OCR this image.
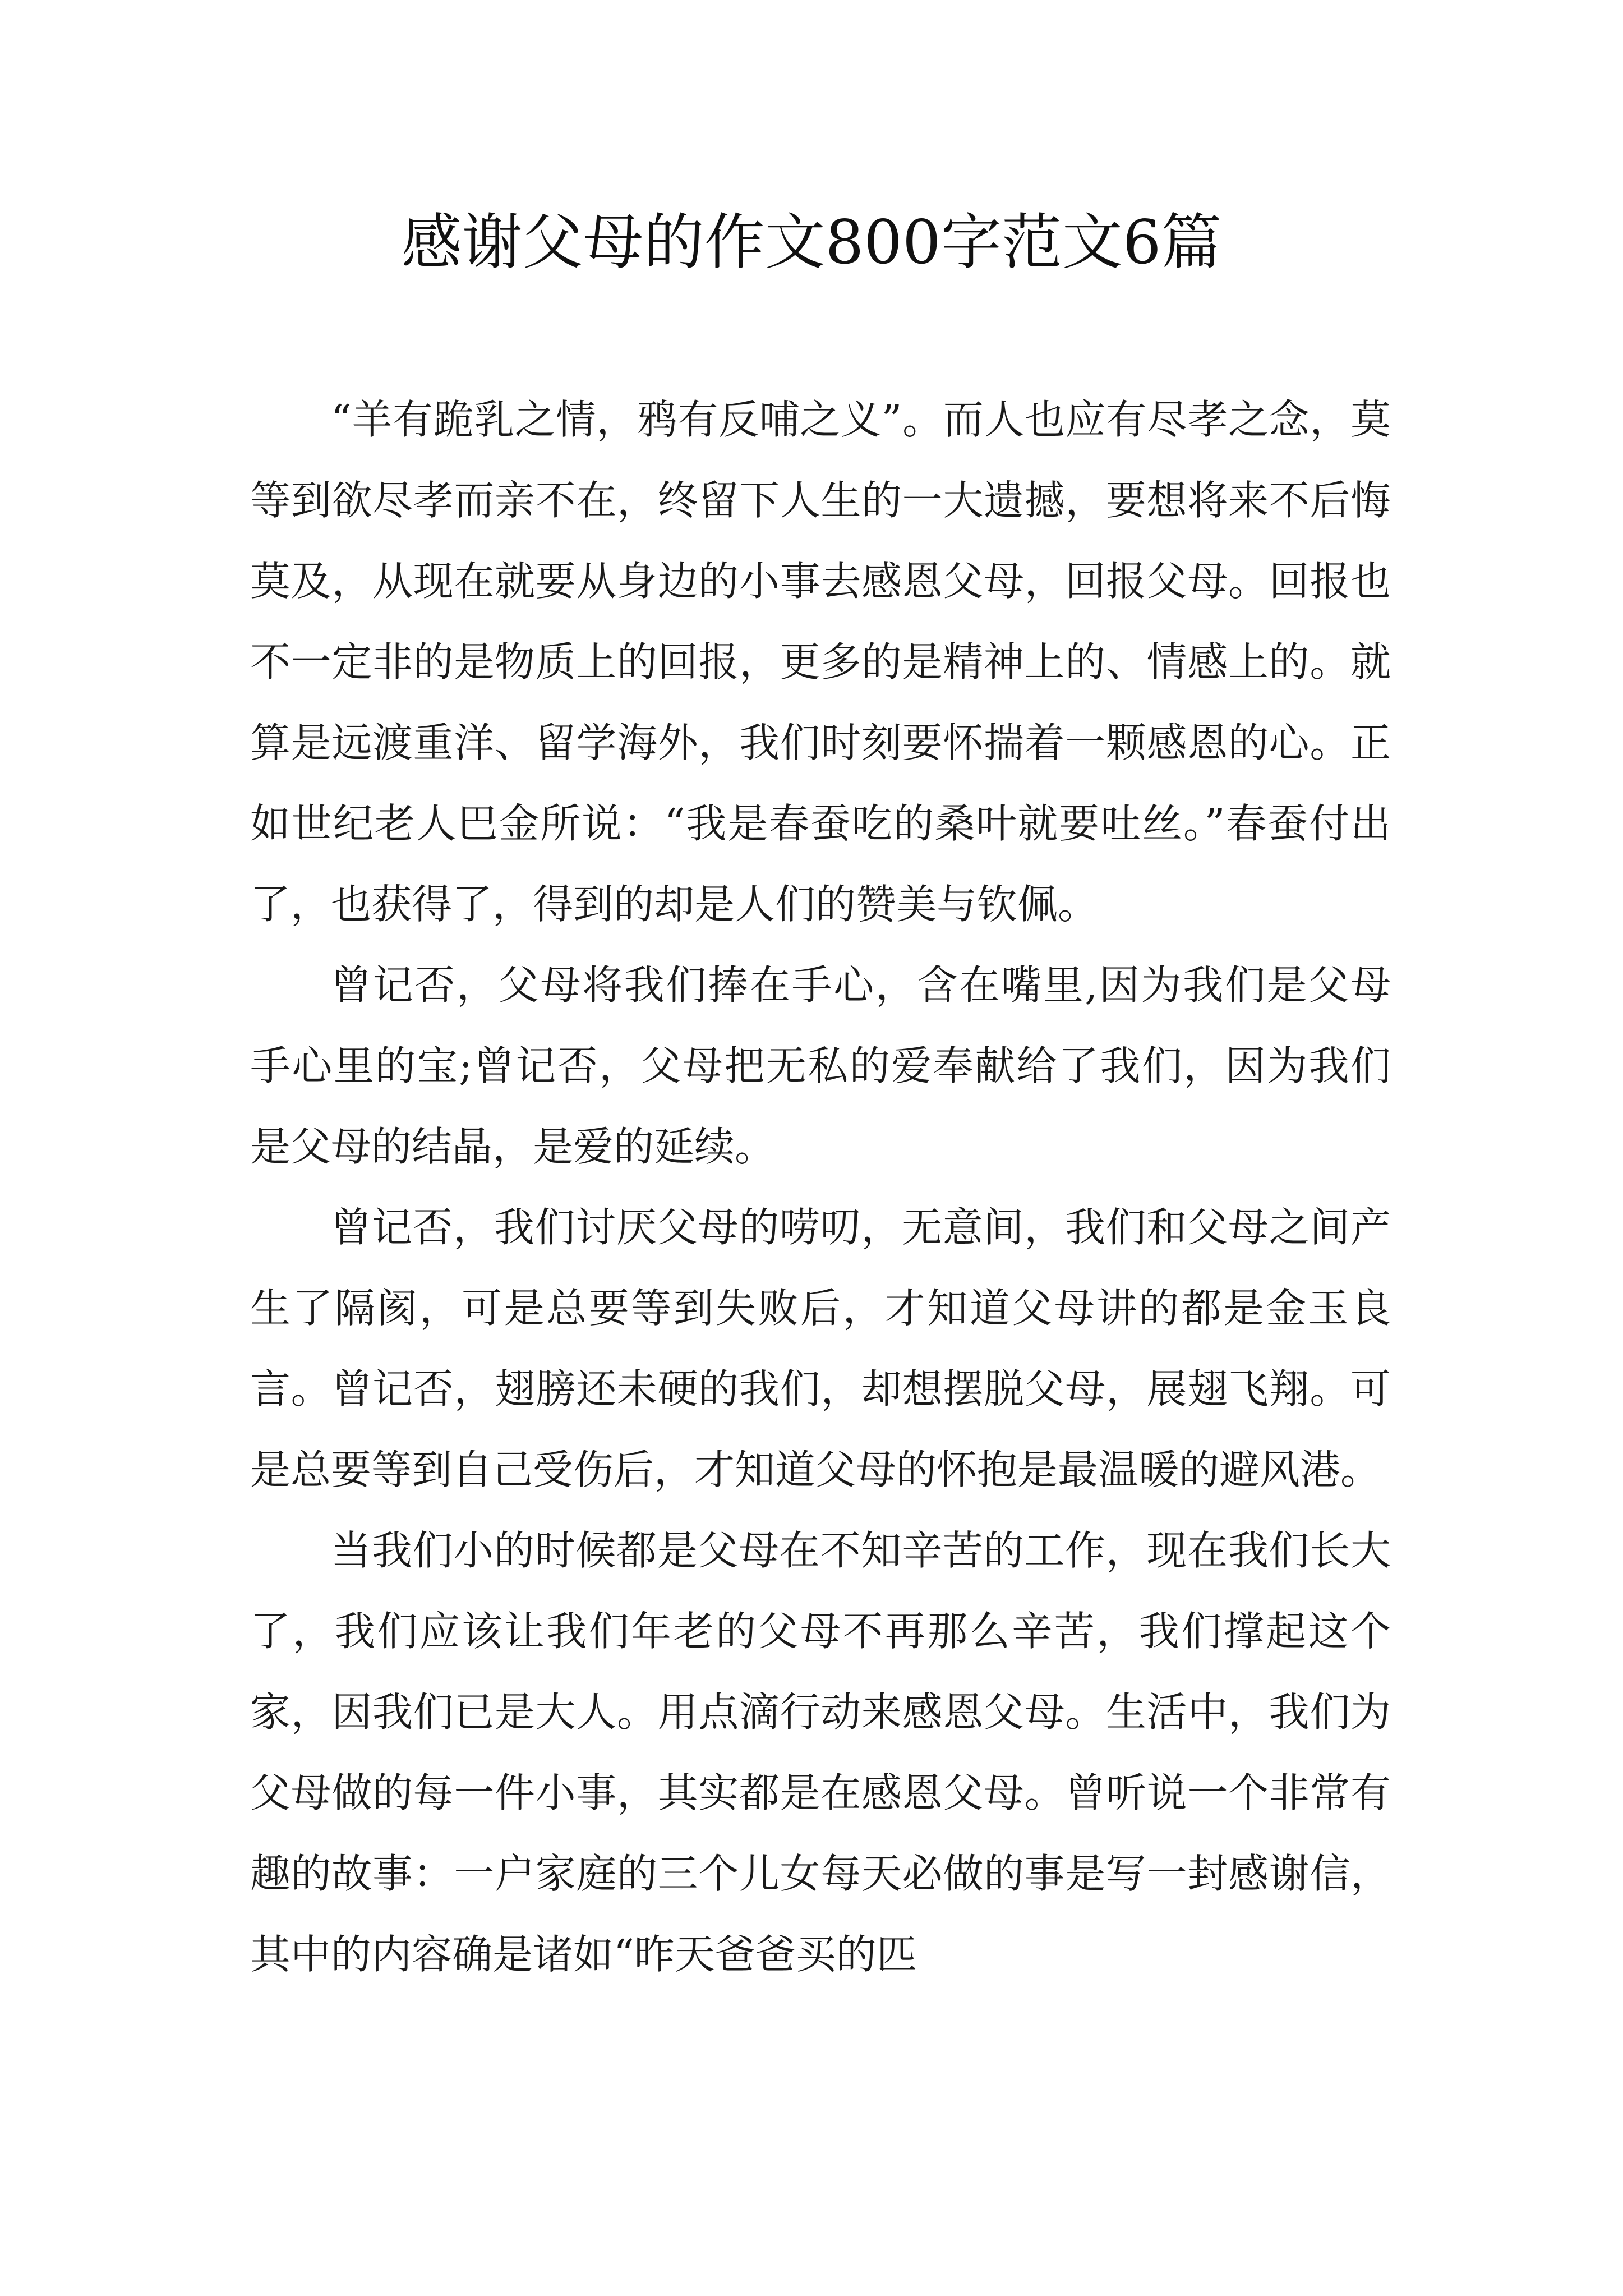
感谢父母的作文800字范文6篇

“羊有跪乳之情，鸦有反哺之义”。而人也应有尽孝之念，莫等到欲尽孝而亲不在，终留下人生的一大遗撼，要想将来不后悔莫及，从现在就要从身边的小事去感恩父母，回报父母。回报也不一定非的是物质上的回报，更多的是精神上的、情感上的。就算是远渡重洋、留学海外，我们时刻要怀揣着一颗感恩的心。正如世纪老人巴金所说：“我是春蚕吃的桑叶就要吐丝。”春蚕付出了，也获得了，得到的却是人们的赞美与钦佩。

曾记否，父母将我们捧在手心，含在嘴里,因为我们是父母手心里的宝;曾记否，父母把无私的爱奉献给了我们，因为我们是父母的结晶，是爱的延续。

曾记否，我们讨厌父母的唠叨，无意间，我们和父母之间产生了隔阂，可是总要等到失败后，才知道父母讲的都是金玉良言。曾记否，翅膀还未硬的我们，却想摆脱父母，展翅飞翔。可是总要等到自己受伤后，才知道父母的怀抱是最温暖的避风港。

当我们小的时候都是父母在不知辛苦的工作，现在我们长大了，我们应该让我们年老的父母不再那么辛苦，我们撑起这个家，因我们已是大人。用点滴行动来感恩父母。生活中，我们为父母做的每一件小事，其实都是在感恩父母。曾听说一个非常有趣的故事：一户家庭的三个儿女每天必做的事是写一封感谢信，其中的内容确是诸如“昨天爸爸买的匹
